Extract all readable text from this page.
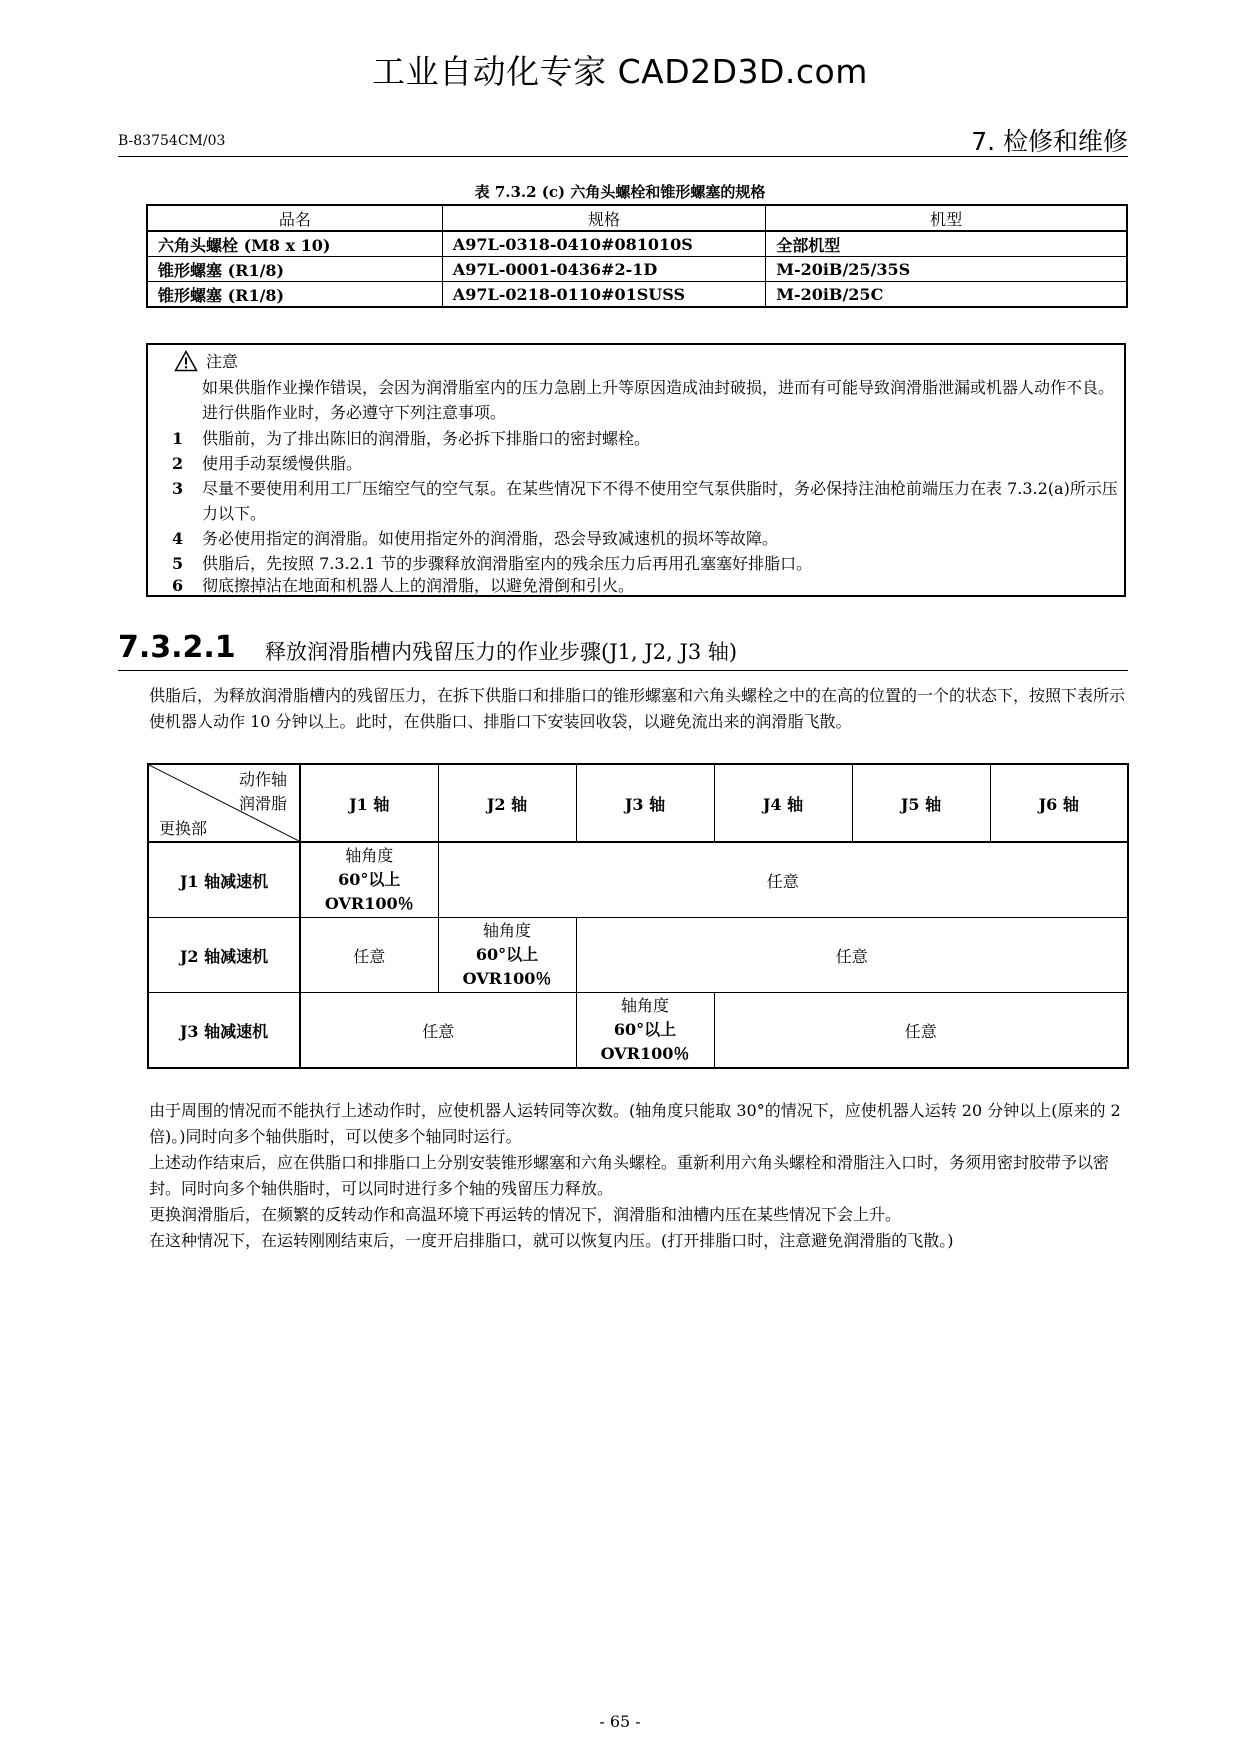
工业自动化专家 CAD2D3D.com
B-83754CM/03	7. 检修和维修
表 7.3.2 (c) 六角头螺栓和锥形螺塞的规格
品名	规格	机型
六角头螺栓 (M8 x 10)	A97L-0318-0410#081010S	全部机型
锥形螺塞 (R1/8)	A97L-0001-0436#2-1D	M-20iB/25/35S
锥形螺塞 (R1/8)	A97L-0218-0110#01SUSS	M-20iB/25C
注意

如果供脂作业操作错误，会因为润滑脂室内的压力急剧上升等原因造成油封破损，进而有可能导致润滑脂泄漏或机器人动作不良。进行供脂作业时，务必遵守下列注意事项。

1	供脂前，为了排出陈旧的润滑脂，务必拆下排脂口的密封螺栓。
2	使用手动泵缓慢供脂。
3	尽量不要使用利用工厂压缩空气的空气泵。在某些情况下不得不使用空气泵供脂时，务必保持注油枪前端压力在表 7.3.2(a)所示压力以下。
4	务必使用指定的润滑脂。如使用指定外的润滑脂，恐会导致减速机的损坏等故障。
5	供脂后，先按照 7.3.2.1 节的步骤释放润滑脂室内的残余压力后再用孔塞塞好排脂口。
6	彻底擦掉沾在地面和机器人上的润滑脂，以避免滑倒和引火。
7.3.2.1 释放润滑脂槽内残留压力的作业步骤(J1, J2, J3 轴)

供脂后，为释放润滑脂槽内的残留压力，在拆下供脂口和排脂口的锥形螺塞和六角头螺栓之中的在高的位置的一个的状态下，按照下表所示使机器人动作 10 分钟以上。此时，在供脂口、排脂口下安装回收袋，以避免流出来的润滑脂飞散。

动作轴
润滑脂
更换部	J1 轴	J2 轴	J3 轴	J4 轴	J5 轴	J6 轴
J1 轴减速机	轴角度
60°以上
OVR100％	任意				
J2 轴减速机	任意	轴角度
60°以上
OVR100％	任意			
J3 轴减速机	任意		轴角度
60°以上
OVR100％	任意		

由于周围的情况而不能执行上述动作时，应使机器人运转同等次数。(轴角度只能取 30°的情况下，应使机器人运转 20 分钟以上(原来的 2 倍)。)同时向多个轴供脂时，可以使多个轴同时运行。

上述动作结束后，应在供脂口和排脂口上分别安装锥形螺塞和六角头螺栓。重新利用六角头螺栓和滑脂注入口时，务须用密封胶带予以密封。同时向多个轴供脂时，可以同时进行多个轴的残留压力释放。

更换润滑脂后，在频繁的反转动作和高温环境下再运转的情况下，润滑脂和油槽内压在某些情况下会上升。

在这种情况下，在运转刚刚结束后，一度开启排脂口，就可以恢复内压。(打开排脂口时，注意避免润滑脂的飞散。)

- 65 -
